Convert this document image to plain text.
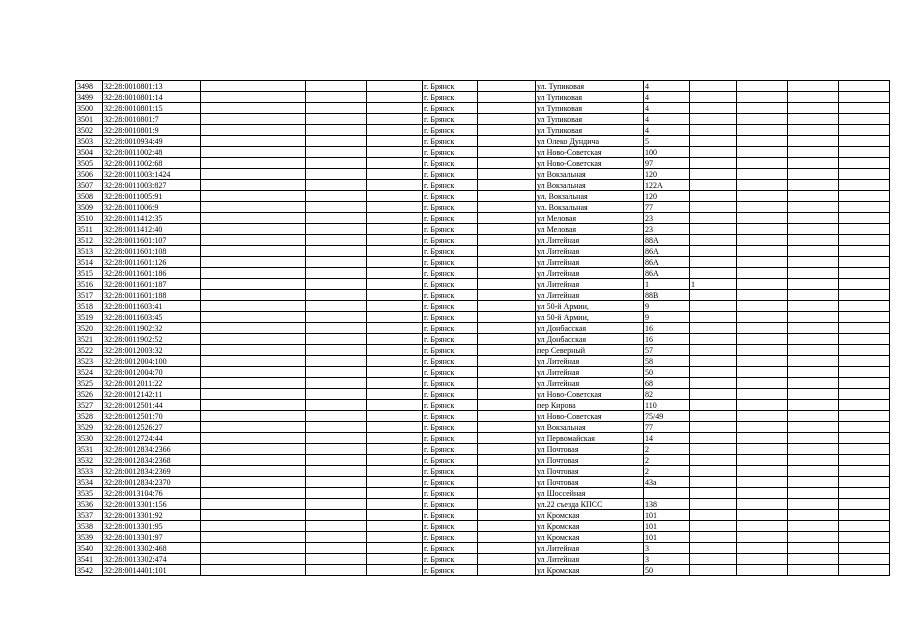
3498	32:28:0010801:13				г. Брянск		ул. Тупиковая	4				
3499	32:28:0010801:14				г. Брянск		ул Тупиковая	4				
3500	32:28:0010801:15				г. Брянск		ул Тупиковая	4				
3501	32:28:0010801:7				г. Брянск		ул Тупиковая	4				
3502	32:28:0010801:9				г. Брянск		ул Тупиковая	4				
3503	32:28:0010934:49				г. Брянск		ул Олеко Дундича	5				
3504	32:28:0011002:48				г. Брянск		ул Ново-Советская	100				
3505	32:28:0011002:68				г. Брянск		ул Ново-Советская	97				
3506	32:28:0011003:1424				г. Брянск		ул Вокзальная	120				
3507	32:28:0011003:827				г. Брянск		ул Вокзальная	122А				
3508	32:28:0011005:91				г. Брянск		ул. Вокзальная	120				
3509	32:28:0011006:9				г. Брянск		ул. Вокзальная	77				
3510	32:28:0011412:35				г. Брянск		ул Меловая	23				
3511	32:28:0011412:40				г. Брянск		ул Меловая	23				
3512	32:28:0011601:107				г. Брянск		ул Литейная	88А				
3513	32:28:0011601:108				г. Брянск		ул Литейная	86А				
3514	32:28:0011601:126				г. Брянск		ул Литейная	86А				
3515	32:28:0011601:186				г. Брянск		ул Литейная	86А				
3516	32:28:0011601:187				г. Брянск		ул Литейная	1	1			
3517	32:28:0011601:188				г. Брянск		ул Литейная	88В				
3518	32:28:0011603:41				г. Брянск		ул 50-й Армии,	9				
3519	32:28:0011603:45				г. Брянск		ул 50-й Армии,	9				
3520	32:28:0011902:32				г. Брянск		ул Донбасская	16				
3521	32:28:0011902:52				г. Брянск		ул Донбасская	16				
3522	32:28:0012003:32				г. Брянск		пер Северный	57				
3523	32:28:0012004:100				г. Брянск		ул Литейная	58				
3524	32:28:0012004:70				г. Брянск		ул Литейная	50				
3525	32:28:0012011:22				г. Брянск		ул Литейная	68				
3526	32:28:0012142:11				г. Брянск		ул Ново-Советская	82				
3527	32:28:0012501:44				г. Брянск		пер Кирова	110				
3528	32:28:0012501:70				г. Брянск		ул Ново-Советская	75/49				
3529	32:28:0012526:27				г. Брянск		ул Вокзальная	77				
3530	32:28:0012724:44				г. Брянск		ул Первомайская	14				
3531	32:28:0012834:2366				г. Брянск		ул Почтовая	2				
3532	32:28:0012834:2368				г. Брянск		ул Почтовая	2				
3533	32:28:0012834:2369				г. Брянск		ул Почтовая	2				
3534	32:28:0012834:2370				г. Брянск		ул Почтовая	43а				
3535	32:28:0013104:76				г. Брянск		ул Шоссейная					
3536	32:28:0013301:156				г. Брянск		ул.22 съезда КПСС	138				
3537	32:28:0013301:92				г. Брянск		ул Кромская	101				
3538	32:28:0013301:95				г. Брянск		ул Кромская	101				
3539	32:28:0013301:97				г. Брянск		ул Кромская	101				
3540	32:28:0013302:468				г. Брянск		ул Литейная	3				
3541	32:28:0013302:474				г. Брянск		ул Литейная	3				
3542	32:28:0014401:101				г. Брянск		ул Кромская	50				
